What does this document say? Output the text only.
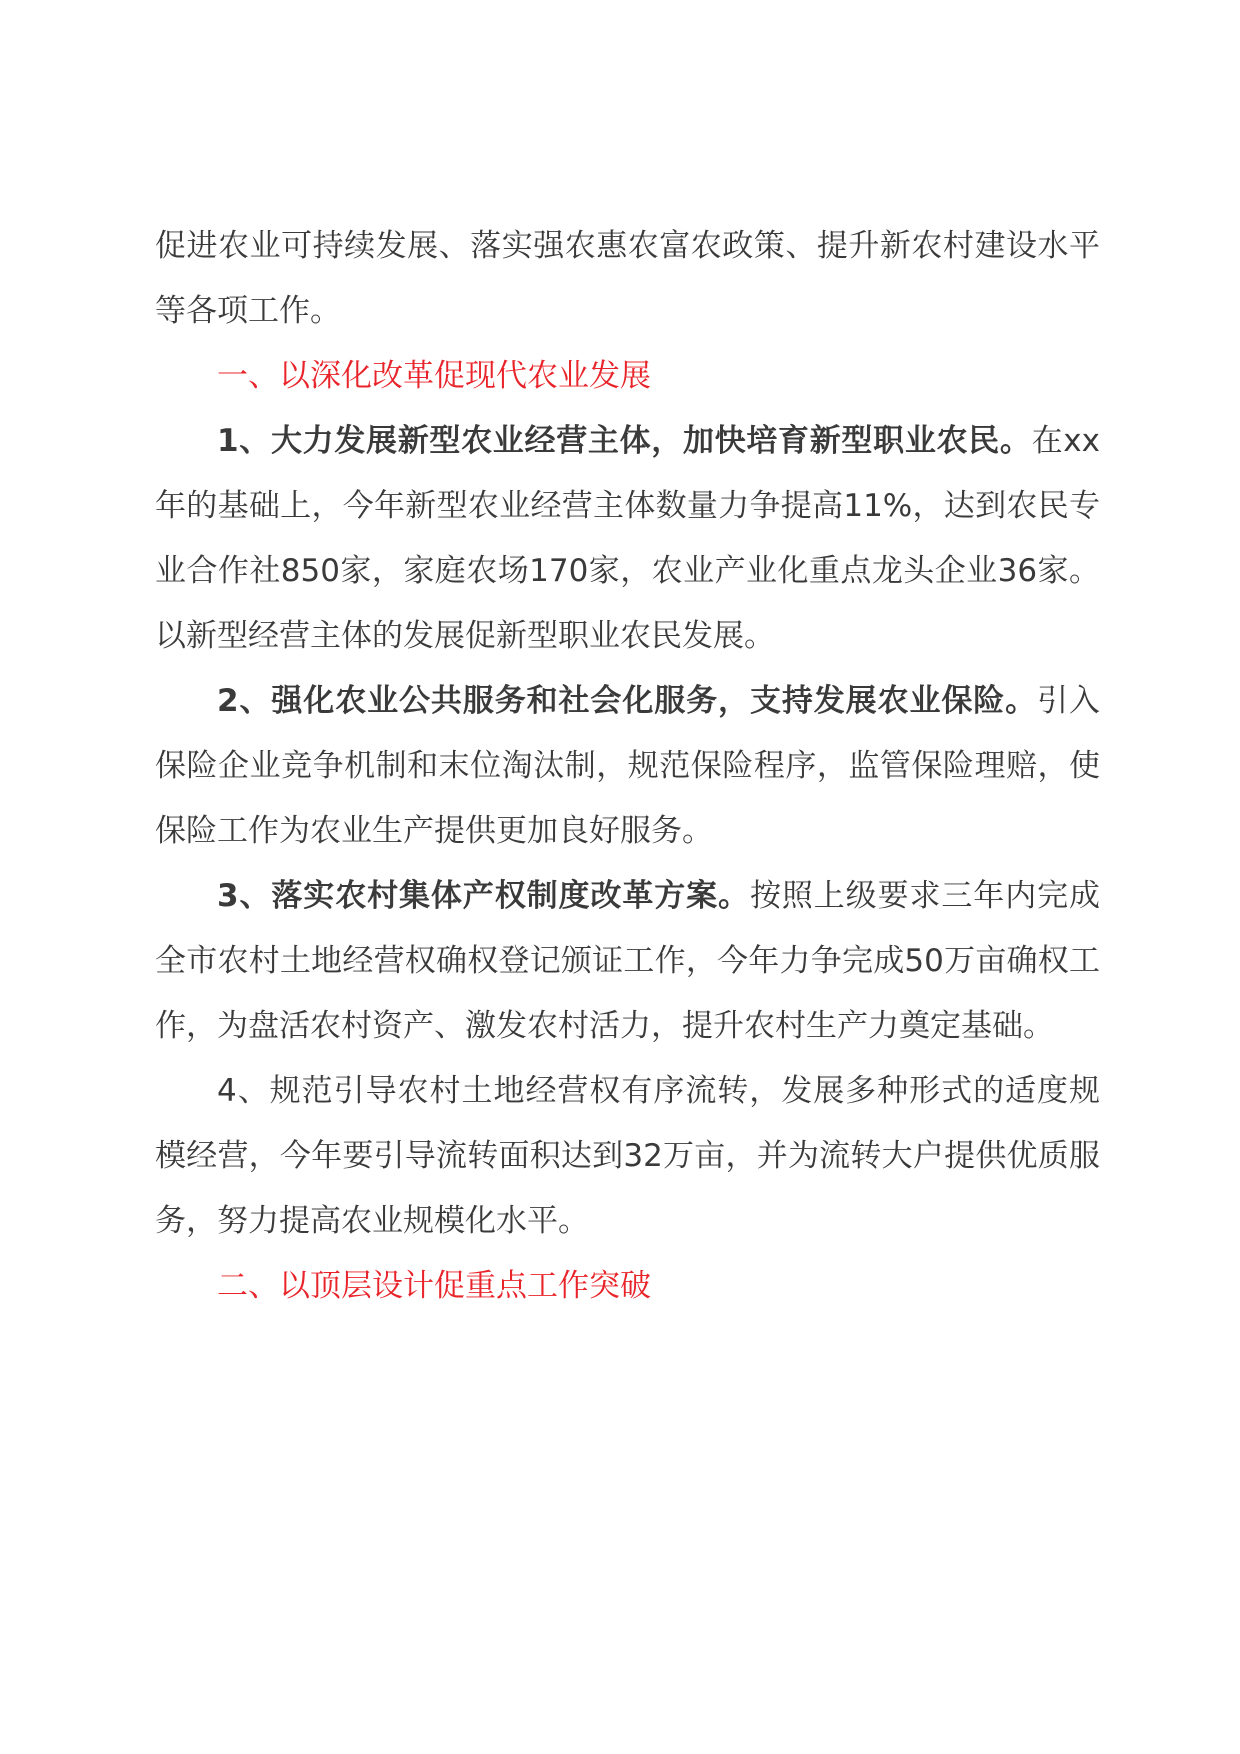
促进农业可持续发展、落实强农惠农富农政策、提升新农村建设水平等各项工作。

一、以深化改革促现代农业发展

1、大力发展新型农业经营主体，加快培育新型职业农民。在xx年的基础上，今年新型农业经营主体数量力争提高11%，达到农民专业合作社850家，家庭农场170家，农业产业化重点龙头企业36家。以新型经营主体的发展促新型职业农民发展。

2、强化农业公共服务和社会化服务，支持发展农业保险。引入保险企业竞争机制和末位淘汰制，规范保险程序，监管保险理赔，使保险工作为农业生产提供更加良好服务。

3、落实农村集体产权制度改革方案。按照上级要求三年内完成全市农村土地经营权确权登记颁证工作，今年力争完成50万亩确权工作，为盘活农村资产、激发农村活力，提升农村生产力奠定基础。

4、规范引导农村土地经营权有序流转，发展多种形式的适度规模经营，今年要引导流转面积达到32万亩，并为流转大户提供优质服务，努力提高农业规模化水平。

二、以顶层设计促重点工作突破
